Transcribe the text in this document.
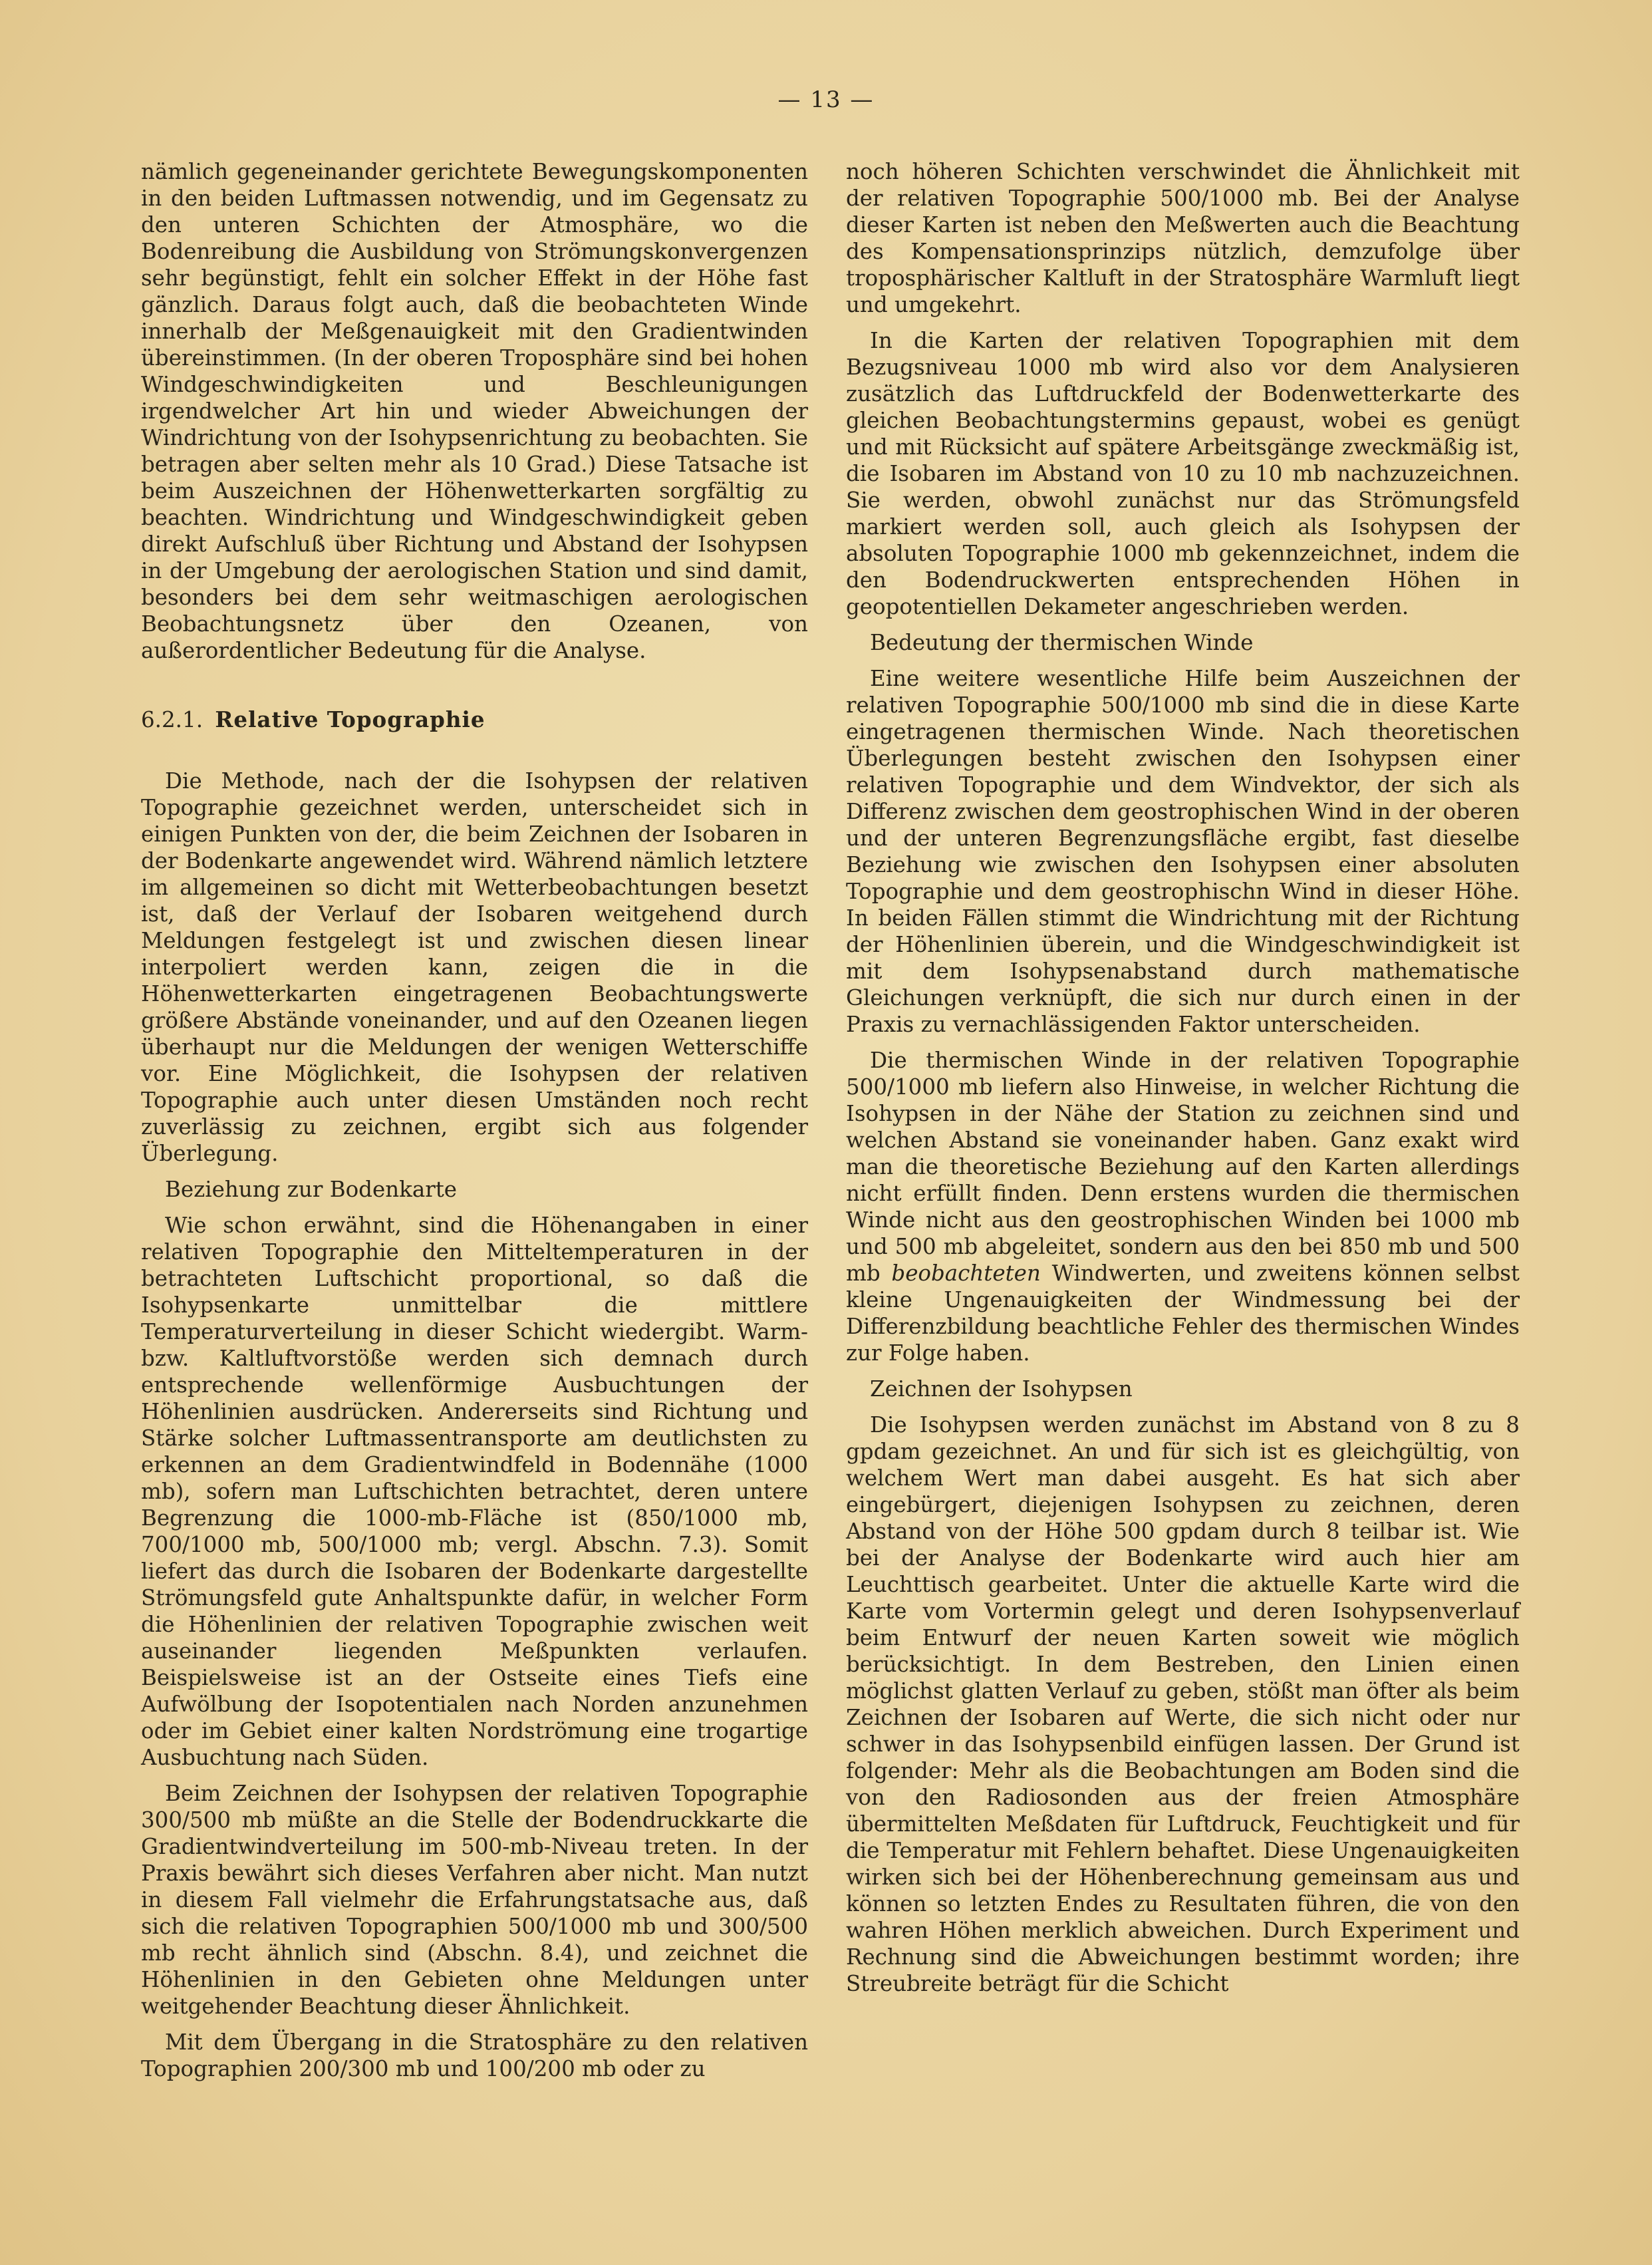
— 13 —

nämlich gegeneinander gerichtete Bewegungskomponenten in den beiden Luftmassen notwendig, und im Gegensatz zu den unteren Schichten der Atmosphäre, wo die Bodenreibung die Ausbildung von Strömungskonvergenzen sehr begünstigt, fehlt ein solcher Effekt in der Höhe fast gänzlich. Daraus folgt auch, daß die beobachteten Winde innerhalb der Meßgenauigkeit mit den Gradientwinden übereinstimmen. (In der oberen Troposphäre sind bei hohen Windgeschwindigkeiten und Beschleunigungen irgendwelcher Art hin und wieder Abweichungen der Windrichtung von der Isohypsenrichtung zu beobachten. Sie betragen aber selten mehr als 10 Grad.) Diese Tatsache ist beim Auszeichnen der Höhenwetterkarten sorgfältig zu beachten. Windrichtung und Windgeschwindigkeit geben direkt Aufschluß über Richtung und Abstand der Isohypsen in der Umgebung der aerologischen Station und sind damit, besonders bei dem sehr weitmaschigen aerologischen Beobachtungsnetz über den Ozeanen, von außerordentlicher Bedeutung für die Analyse.

6.2.1. Relative Topographie

Die Methode, nach der die Isohypsen der relativen Topographie gezeichnet werden, unterscheidet sich in einigen Punkten von der, die beim Zeichnen der Isobaren in der Bodenkarte angewendet wird. Während nämlich letztere im allgemeinen so dicht mit Wetterbeobachtungen besetzt ist, daß der Verlauf der Isobaren weitgehend durch Meldungen festgelegt ist und zwischen diesen linear interpoliert werden kann, zeigen die in die Höhenwetterkarten eingetragenen Beobachtungswerte größere Abstände voneinander, und auf den Ozeanen liegen überhaupt nur die Meldungen der wenigen Wetterschiffe vor. Eine Möglichkeit, die Isohypsen der relativen Topographie auch unter diesen Umständen noch recht zuverlässig zu zeichnen, ergibt sich aus folgender Überlegung.

Beziehung zur Bodenkarte

Wie schon erwähnt, sind die Höhenangaben in einer relativen Topographie den Mitteltemperaturen in der betrachteten Luftschicht proportional, so daß die Isohypsenkarte unmittelbar die mittlere Temperaturverteilung in dieser Schicht wiedergibt. Warm- bzw. Kaltluftvorstöße werden sich demnach durch entsprechende wellenförmige Ausbuchtungen der Höhenlinien ausdrücken. Andererseits sind Richtung und Stärke solcher Luftmassentransporte am deutlichsten zu erkennen an dem Gradientwindfeld in Bodennähe (1000 mb), sofern man Luftschichten betrachtet, deren untere Begrenzung die 1000-mb-Fläche ist (850/1000 mb, 700/1000 mb, 500/1000 mb; vergl. Abschn. 7.3). Somit liefert das durch die Isobaren der Bodenkarte dargestellte Strömungsfeld gute Anhaltspunkte dafür, in welcher Form die Höhenlinien der relativen Topographie zwischen weit auseinander liegenden Meßpunkten verlaufen. Beispielsweise ist an der Ostseite eines Tiefs eine Aufwölbung der Isopotentialen nach Norden anzunehmen oder im Gebiet einer kalten Nordströmung eine trogartige Ausbuchtung nach Süden.

Beim Zeichnen der Isohypsen der relativen Topographie 300/500 mb müßte an die Stelle der Bodendruckkarte die Gradientwindverteilung im 500-mb-Niveau treten. In der Praxis bewährt sich dieses Verfahren aber nicht. Man nutzt in diesem Fall vielmehr die Erfahrungstatsache aus, daß sich die relativen Topographien 500/1000 mb und 300/500 mb recht ähnlich sind (Abschn. 8.4), und zeichnet die Höhenlinien in den Gebieten ohne Meldungen unter weitgehender Beachtung dieser Ähnlichkeit.

Mit dem Übergang in die Stratosphäre zu den relativen Topographien 200/300 mb und 100/200 mb oder zu

noch höheren Schichten verschwindet die Ähnlichkeit mit der relativen Topographie 500/1000 mb. Bei der Analyse dieser Karten ist neben den Meßwerten auch die Beachtung des Kompensationsprinzips nützlich, demzufolge über troposphärischer Kaltluft in der Stratosphäre Warmluft liegt und umgekehrt.

In die Karten der relativen Topographien mit dem Bezugsniveau 1000 mb wird also vor dem Analysieren zusätzlich das Luftdruckfeld der Bodenwetterkarte des gleichen Beobachtungstermins gepaust, wobei es genügt und mit Rücksicht auf spätere Arbeitsgänge zweckmäßig ist, die Isobaren im Abstand von 10 zu 10 mb nachzuzeichnen. Sie werden, obwohl zunächst nur das Strömungsfeld markiert werden soll, auch gleich als Isohypsen der absoluten Topographie 1000 mb gekennzeichnet, indem die den Bodendruckwerten entsprechenden Höhen in geopotentiellen Dekameter angeschrieben werden.

Bedeutung der thermischen Winde

Eine weitere wesentliche Hilfe beim Auszeichnen der relativen Topographie 500/1000 mb sind die in diese Karte eingetragenen thermischen Winde. Nach theoretischen Überlegungen besteht zwischen den Isohypsen einer relativen Topographie und dem Windvektor, der sich als Differenz zwischen dem geostrophischen Wind in der oberen und der unteren Begrenzungsfläche ergibt, fast dieselbe Beziehung wie zwischen den Isohypsen einer absoluten Topographie und dem geostrophischn Wind in dieser Höhe. In beiden Fällen stimmt die Windrichtung mit der Richtung der Höhenlinien überein, und die Windgeschwindigkeit ist mit dem Isohypsenabstand durch mathematische Gleichungen verknüpft, die sich nur durch einen in der Praxis zu vernachlässigenden Faktor unterscheiden.

Die thermischen Winde in der relativen Topographie 500/1000 mb liefern also Hinweise, in welcher Richtung die Isohypsen in der Nähe der Station zu zeichnen sind und welchen Abstand sie voneinander haben. Ganz exakt wird man die theoretische Beziehung auf den Karten allerdings nicht erfüllt finden. Denn erstens wurden die thermischen Winde nicht aus den geostrophischen Winden bei 1000 mb und 500 mb abgeleitet, sondern aus den bei 850 mb und 500 mb beobachteten Windwerten, und zweitens können selbst kleine Ungenauigkeiten der Windmessung bei der Differenzbildung beachtliche Fehler des thermischen Windes zur Folge haben.

Zeichnen der Isohypsen

Die Isohypsen werden zunächst im Abstand von 8 zu 8 gpdam gezeichnet. An und für sich ist es gleichgültig, von welchem Wert man dabei ausgeht. Es hat sich aber eingebürgert, diejenigen Isohypsen zu zeichnen, deren Abstand von der Höhe 500 gpdam durch 8 teilbar ist. Wie bei der Analyse der Bodenkarte wird auch hier am Leuchttisch gearbeitet. Unter die aktuelle Karte wird die Karte vom Vortermin gelegt und deren Isohypsenverlauf beim Entwurf der neuen Karten soweit wie möglich berücksichtigt. In dem Bestreben, den Linien einen möglichst glatten Verlauf zu geben, stößt man öfter als beim Zeichnen der Isobaren auf Werte, die sich nicht oder nur schwer in das Isohypsenbild einfügen lassen. Der Grund ist folgender: Mehr als die Beobachtungen am Boden sind die von den Radiosonden aus der freien Atmosphäre übermittelten Meßdaten für Luftdruck, Feuchtigkeit und für die Temperatur mit Fehlern behaftet. Diese Ungenauigkeiten wirken sich bei der Höhenberechnung gemeinsam aus und können so letzten Endes zu Resultaten führen, die von den wahren Höhen merklich abweichen. Durch Experiment und Rechnung sind die Abweichungen bestimmt worden; ihre Streubreite beträgt für die Schicht
